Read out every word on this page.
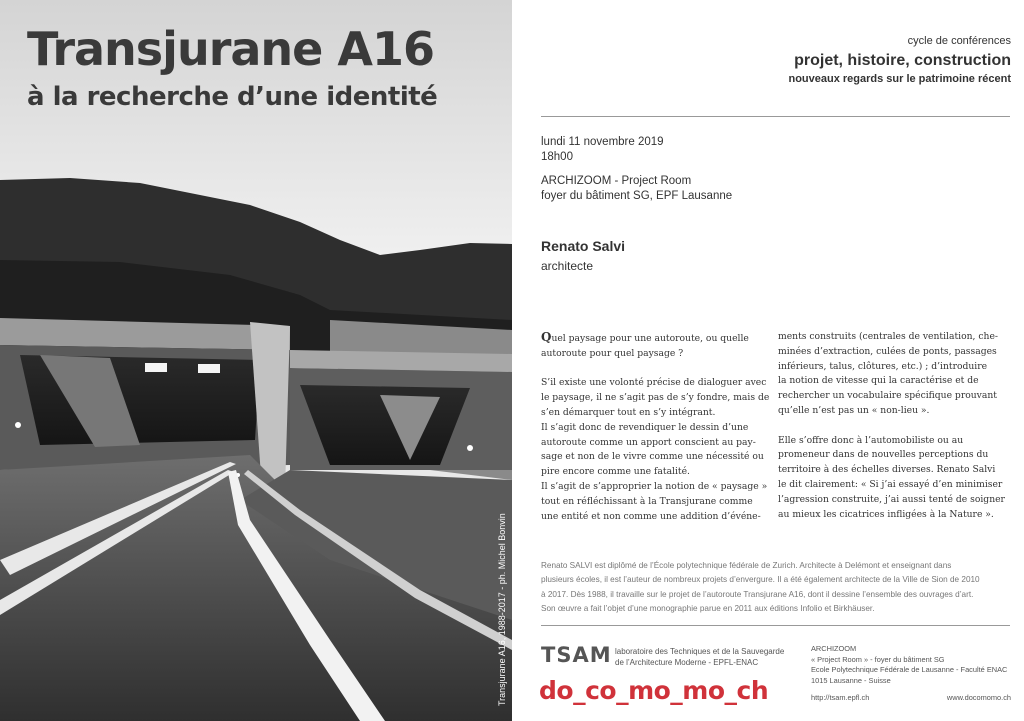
Transjurane A16
à la recherche d’une identité
Transjurane A16, 1988-2017 - ph. Michel Bonvin
cycle de conférences
projet, histoire, construction
nouveaux regards sur le patrimoine récent
lundi 11 novembre 2019
18h00
ARCHIZOOM - Project Room
foyer du bâtiment SG, EPF Lausanne
Renato Salvi
architecte

Quel paysage pour une autoroute, ou quelle

autoroute pour quel paysage ?

S’il existe une volonté précise de dialoguer avec

le paysage, il ne s’agit pas de s’y fondre, mais de

s’en démarquer tout en s’y intégrant.

Il s’agit donc de revendiquer le dessin d’une

autoroute comme un apport conscient au pay-

sage et non de le vivre comme une nécessité ou

pire encore comme une fatalité.

Il s’agit de s’approprier la notion de « paysage »

tout en réfléchissant à la Transjurane comme

une entité et non comme une addition d’événe-

ments construits (centrales de ventilation, che-

minées d’extraction, culées de ponts, passages

inférieurs, talus, clôtures, etc.) ; d’introduire

la notion de vitesse qui la caractérise et de

rechercher un vocabulaire spécifique prouvant

qu’elle n’est pas un « non-lieu ».

Elle s’offre donc à l’automobiliste ou au

promeneur dans de nouvelles perceptions du

territoire à des échelles diverses. Renato Salvi

le dit clairement: « Si j’ai essayé d’en minimiser

l’agression construite, j’ai aussi tenté de soigner

au mieux les cicatrices infligées à la Nature ».

Renato SALVI est diplômé de l’École polytechnique fédérale de Zurich. Architecte à Delémont et enseignant dans

plusieurs écoles, il est l’auteur de nombreux projets d’envergure. Il a été également architecte de la Ville de Sion de 2010

à 2017. Dès 1988, il travaille sur le projet de l’autoroute Transjurane A16, dont il dessine l’ensemble des ouvrages d’art.

Son œuvre a fait l’objet d’une monographie parue en 2011 aux éditions Infolio et Birkhäuser.

TSAM laboratoire des Techniques et de la Sauvegarde
de l’Architecture Moderne - EPFL-ENAC
do_co_mo_mo_ch
ARCHIZOOM
« Project Room » - foyer du bâtiment SG
Ecole Polytechnique Fédérale de Lausanne - Faculté ENAC
1015 Lausanne - Suisse
http://tsam.epfl.ch	www.docomomo.ch
